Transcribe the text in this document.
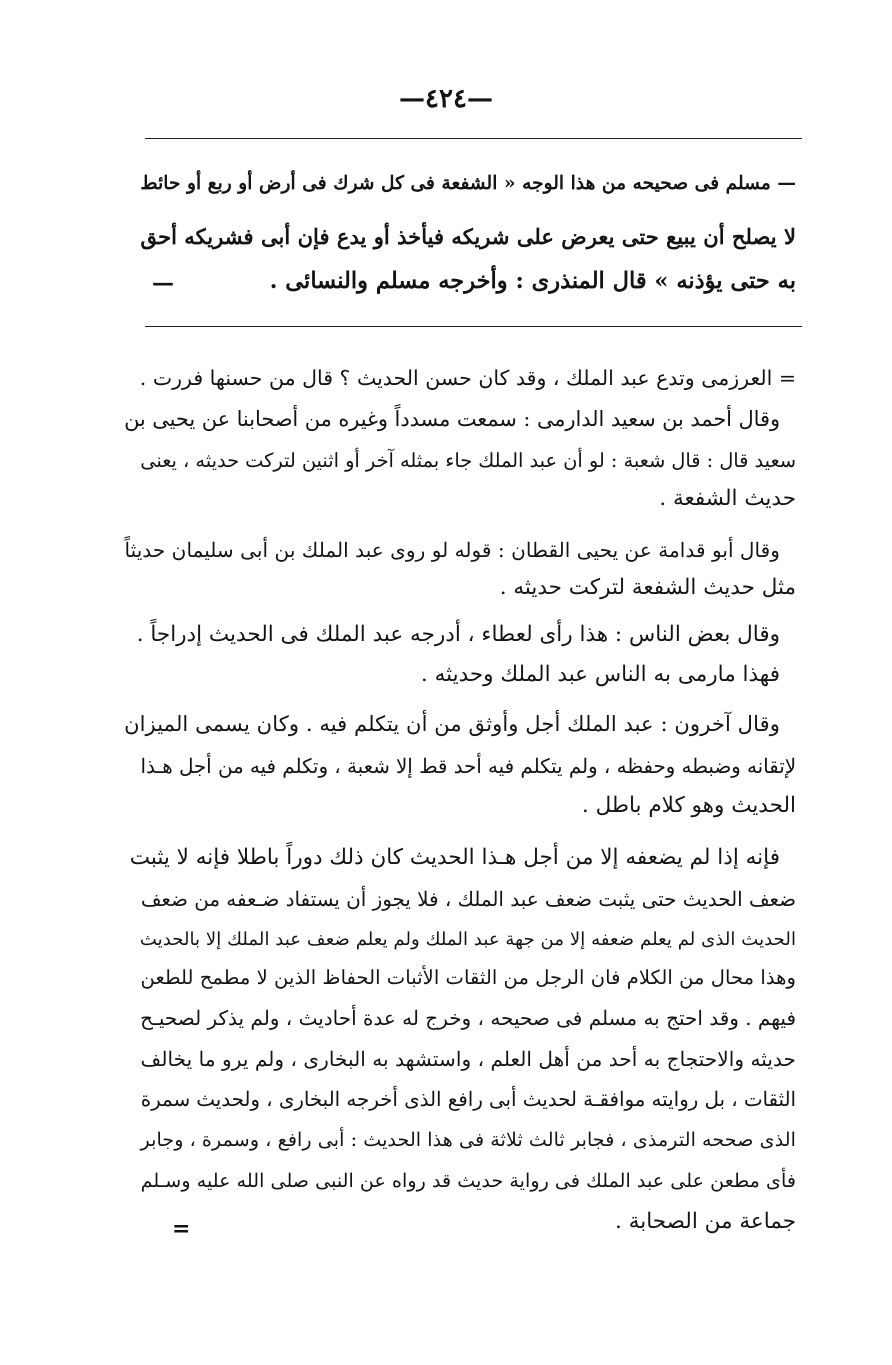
—٤٢٤—
— مسلم فى صحيحه من هذا الوجه « الشفعة فى كل شرك فى أرض أو ربع أو حائط
لا يصلح أن يبيع حتى يعرض على شريكه فيأخذ أو يدع فإن أبى فشريكه أحق
به حتى يؤذنه » قال المنذرى : وأخرجه مسلم والنسائى .
—
= العرزمى وتدع عبد الملك ، وقد كان حسن الحديث ؟ قال من حسنها فررت .
وقال أحمد بن سعيد الدارمى : سمعت مسدداً وغيره من أصحابنا عن يحيى بن
سعيد قال : قال شعبة : لو أن عبد الملك جاء بمثله آخر أو اثنين لتركت حديثه ، يعنى
حديث الشفعة .
وقال أبو قدامة عن يحيى القطان : قوله لو روى عبد الملك بن أبى سليمان حديثاً
مثل حديث الشفعة لتركت حديثه .
وقال بعض الناس : هذا رأى لعطاء ، أدرجه عبد الملك فى الحديث إدراجاً .
فهذا مارمى به الناس عبد الملك وحديثه .
وقال آخرون : عبد الملك أجل وأوثق من أن يتكلم فيه . وكان يسمى الميزان
لإتقانه وضبطه وحفظه ، ولم يتكلم فيه أحد قط إلا شعبة ، وتكلم فيه من أجل هـذا
الحديث وهو كلام باطل .
فإنه إذا لم يضعفه إلا من أجل هـذا الحديث كان ذلك دوراً باطلا فإنه لا يثبت
ضعف الحديث حتى يثبت ضعف عبد الملك ، فلا يجوز أن يستفاد ضـعفه من ضعف
الحديث الذى لم يعلم ضعفه إلا من جهة عبد الملك ولم يعلم ضعف عبد الملك إلا بالحديث
وهذا محال من الكلام فان الرجل من الثقات الأثبات الحفاظ الذين لا مطمح للطعن
فيهم . وقد احتج به مسلم فى صحيحه ، وخرج له عدة أحاديث ، ولم يذكر لصحيـح
حديثه والاحتجاج به أحد من أهل العلم ، واستشهد به البخارى ، ولم يرو ما يخالف
الثقات ، بل روايته موافقـة لحديث أبى رافع الذى أخرجه البخارى ، ولحديث سمرة
الذى صححه الترمذى ، فجابر ثالث ثلاثة فى هذا الحديث : أبى رافع ، وسمرة ، وجابر
فأى مطعن على عبد الملك فى رواية حديث قد رواه عن النبى صلى الله عليه وسـلم
جماعة من الصحابة .
=
